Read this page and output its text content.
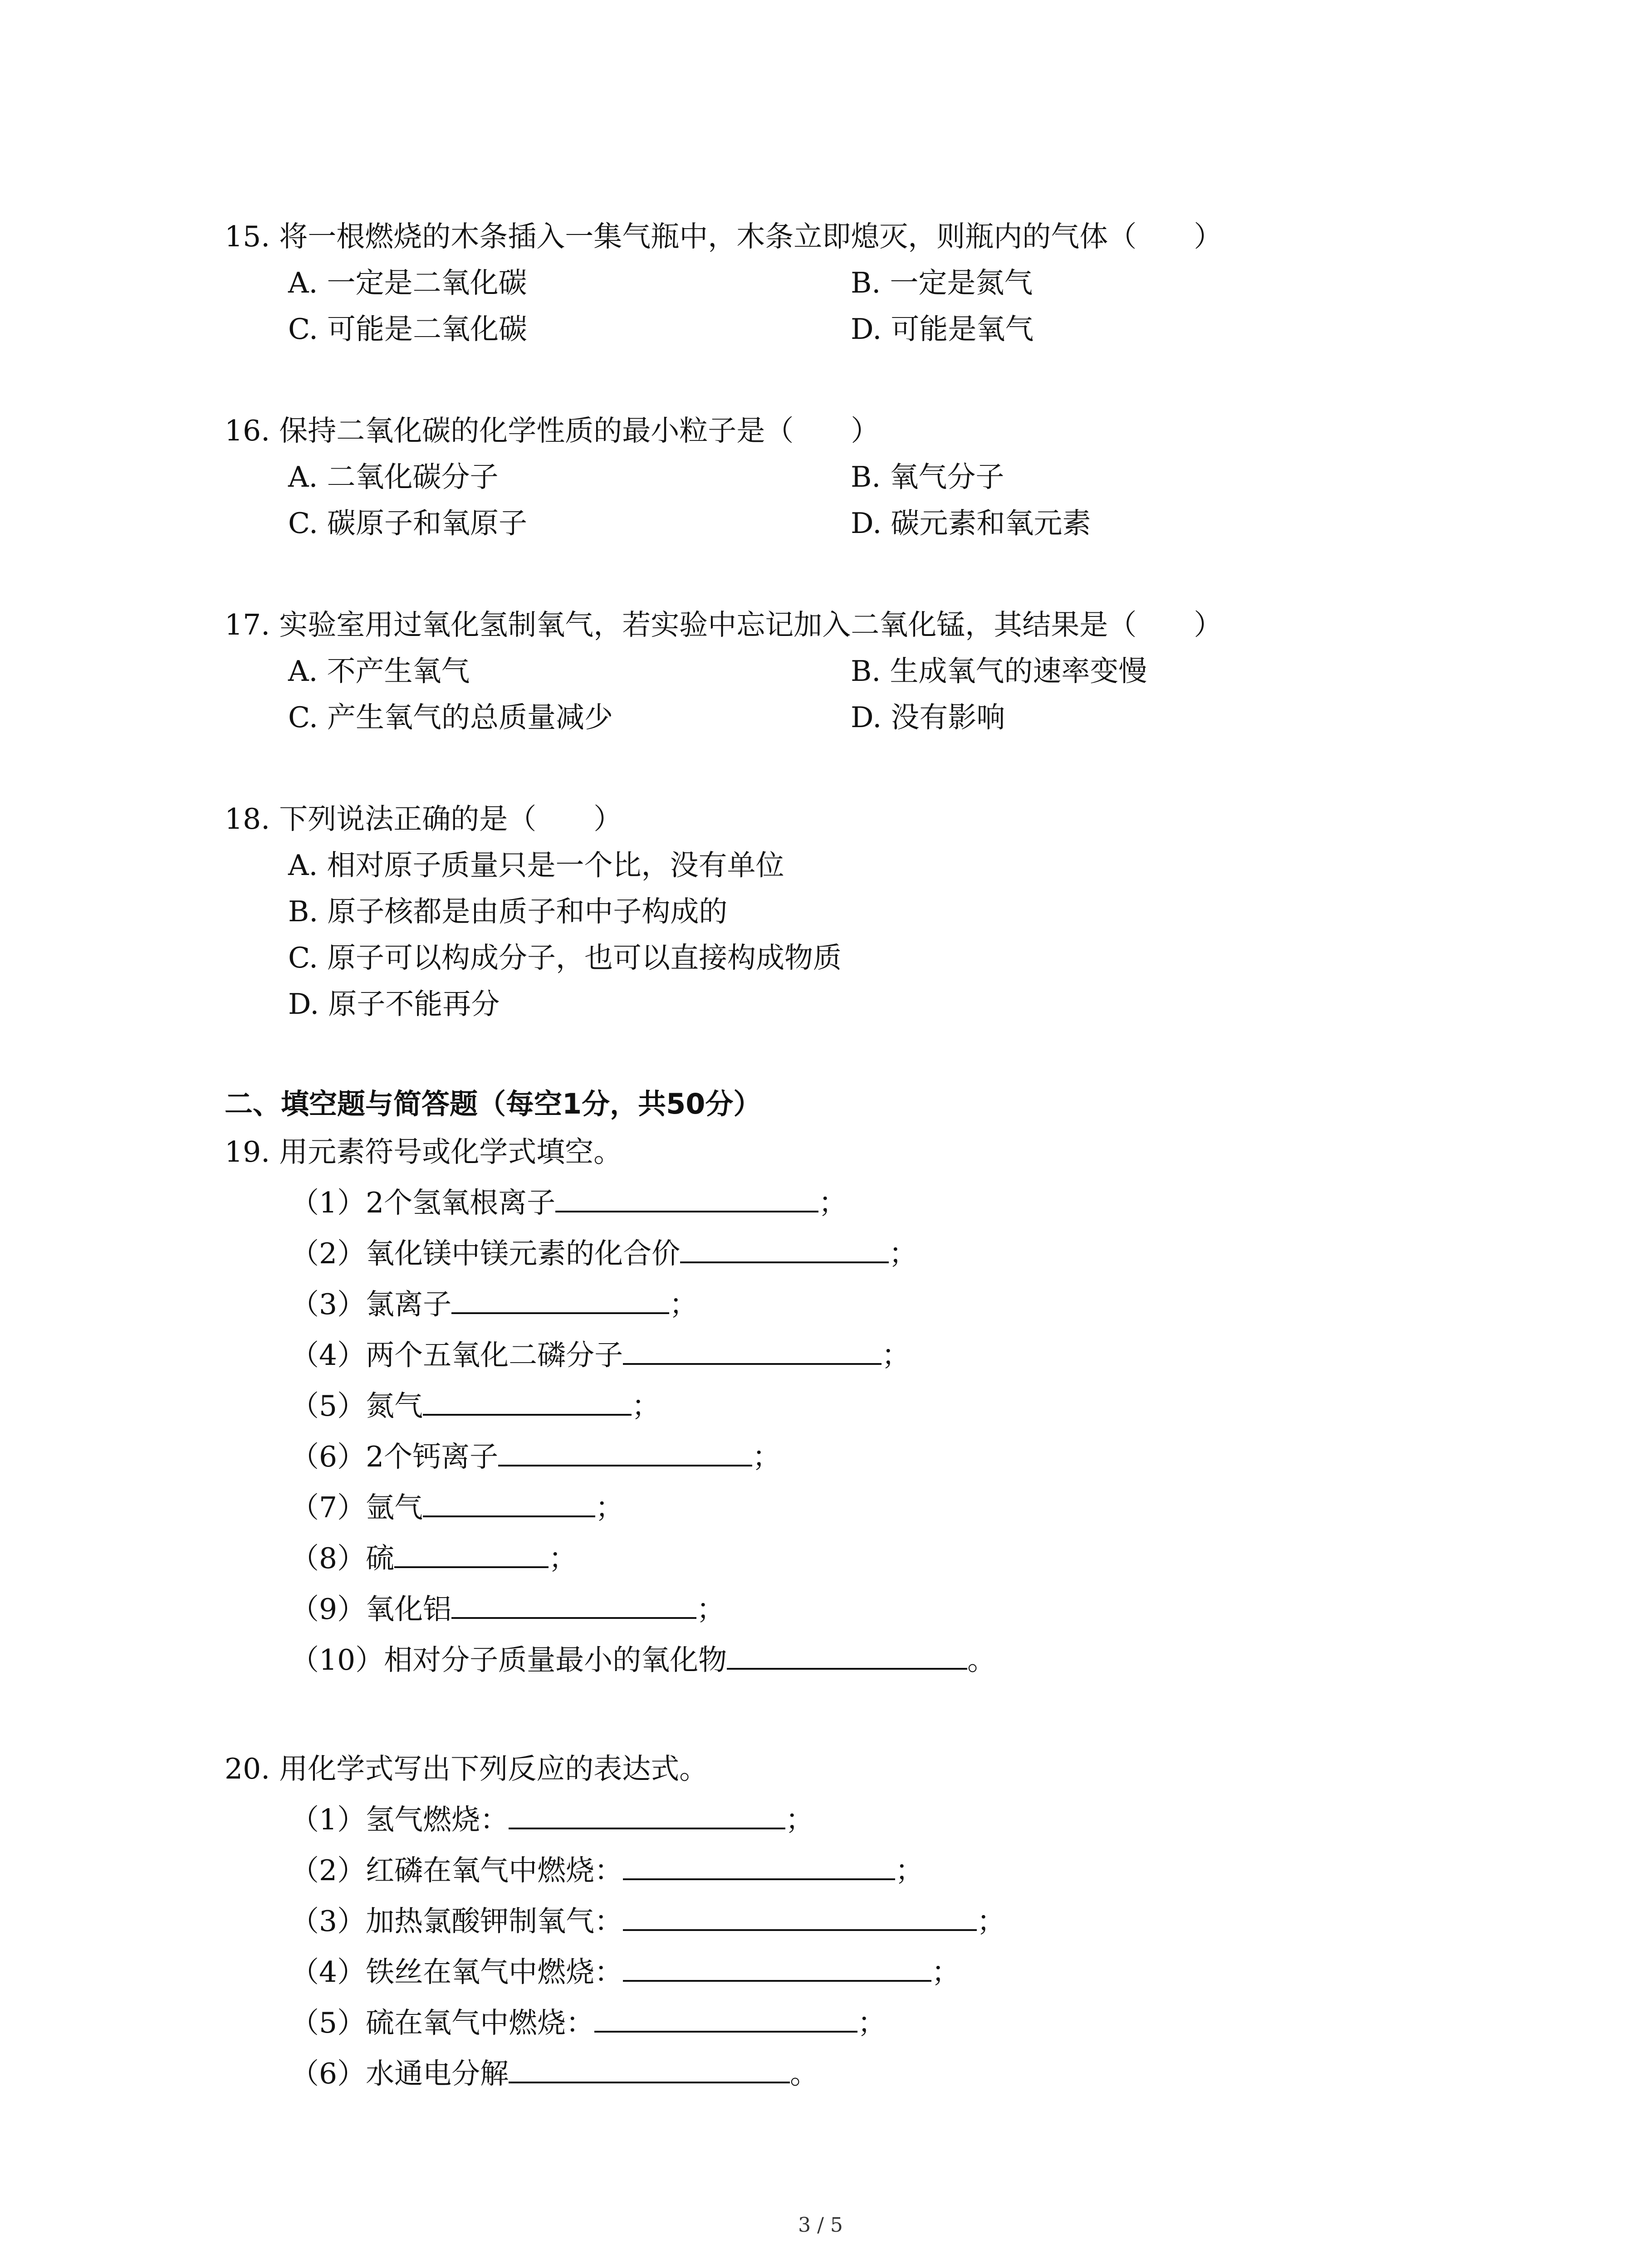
15. 将一根燃烧的木条插入一集气瓶中，木条立即熄灭，则瓶内的气体（　　）
A. 一定是二氧化碳	B. 一定是氮气
C. 可能是二氧化碳	D. 可能是氧气
16. 保持二氧化碳的化学性质的最小粒子是（　　）
A. 二氧化碳分子	B. 氧气分子
C. 碳原子和氧原子	D. 碳元素和氧元素
17. 实验室用过氧化氢制氧气，若实验中忘记加入二氧化锰，其结果是（　　）
A. 不产生氧气	B. 生成氧气的速率变慢
C. 产生氧气的总质量减少	D. 没有影响
18. 下列说法正确的是（　　）
A. 相对原子质量只是一个比，没有单位
B. 原子核都是由质子和中子构成的
C. 原子可以构成分子，也可以直接构成物质
D. 原子不能再分
二、填空题与简答题（每空1分，共50分）
19. 用元素符号或化学式填空。
（1）2个氢氧根离子	；
（2）氧化镁中镁元素的化合价	；
（3）氯离子	；
（4）两个五氧化二磷分子	；
（5）氮气	；
（6）2个钙离子	；
（7）氩气	；
（8）硫	；
（9）氧化铝	；
（10）相对分子质量最小的氧化物	。
20. 用化学式写出下列反应的表达式。
（1）氢气燃烧：	；
（2）红磷在氧气中燃烧：	；
（3）加热氯酸钾制氧气：	；
（4）铁丝在氧气中燃烧：	；
（5）硫在氧气中燃烧：	；
（6）水通电分解	。
3 / 5
